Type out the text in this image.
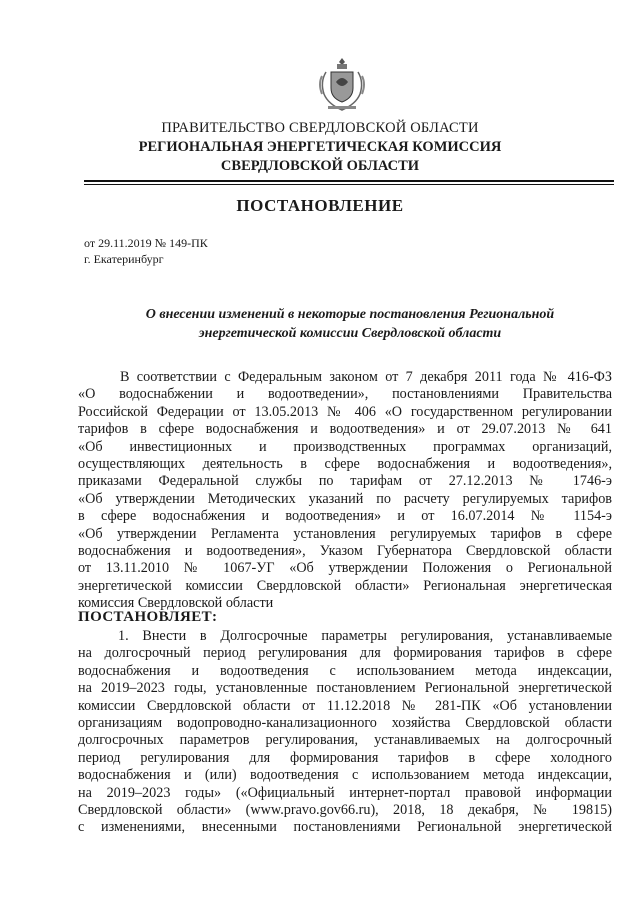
ПРАВИТЕЛЬСТВО СВЕРДЛОВСКОЙ ОБЛАСТИ
РЕГИОНАЛЬНАЯ ЭНЕРГЕТИЧЕСКАЯ КОМИССИЯ
СВЕРДЛОВСКОЙ ОБЛАСТИ
ПОСТАНОВЛЕНИЕ
от 29.11.2019 № 149-ПК
г. Екатеринбург
О внесении изменений в некоторые постановления Региональной
энергетической комиссии Свердловской области
В соответствии с Федеральным законом от 7 декабря 2011 года № 416-ФЗ
«О водоснабжении и водоотведении», постановлениями Правительства
Российской Федерации от 13.05.2013 № 406 «О государственном регулировании
тарифов в сфере водоснабжения и водоотведения» и от 29.07.2013 № 641
«Об инвестиционных и производственных программах организаций,
осуществляющих деятельность в сфере водоснабжения и водоотведения»,
приказами Федеральной службы по тарифам от 27.12.2013 № 1746-э
«Об утверждении Методических указаний по расчету регулируемых тарифов
в сфере водоснабжения и водоотведения» и от 16.07.2014 № 1154-э
«Об утверждении Регламента установления регулируемых тарифов в сфере
водоснабжения и водоотведения», Указом Губернатора Свердловской области
от 13.11.2010 № 1067-УГ «Об утверждении Положения о Региональной
энергетической комиссии Свердловской области» Региональная энергетическая
комиссия Свердловской области
ПОСТАНОВЛЯЕТ:
1. Внести в Долгосрочные параметры регулирования, устанавливаемые
на долгосрочный период регулирования для формирования тарифов в сфере
водоснабжения и водоотведения с использованием метода индексации,
на 2019–2023 годы, установленные постановлением Региональной энергетической
комиссии Свердловской области от 11.12.2018 № 281-ПК «Об установлении
организациям водопроводно-канализационного хозяйства Свердловской области
долгосрочных параметров регулирования, устанавливаемых на долгосрочный
период регулирования для формирования тарифов в сфере холодного
водоснабжения и (или) водоотведения с использованием метода индексации,
на 2019–2023 годы» («Официальный интернет-портал правовой информации
Свердловской области» (www.pravo.gov66.ru), 2018, 18 декабря, № 19815)
с изменениями, внесенными постановлениями Региональной энергетической
